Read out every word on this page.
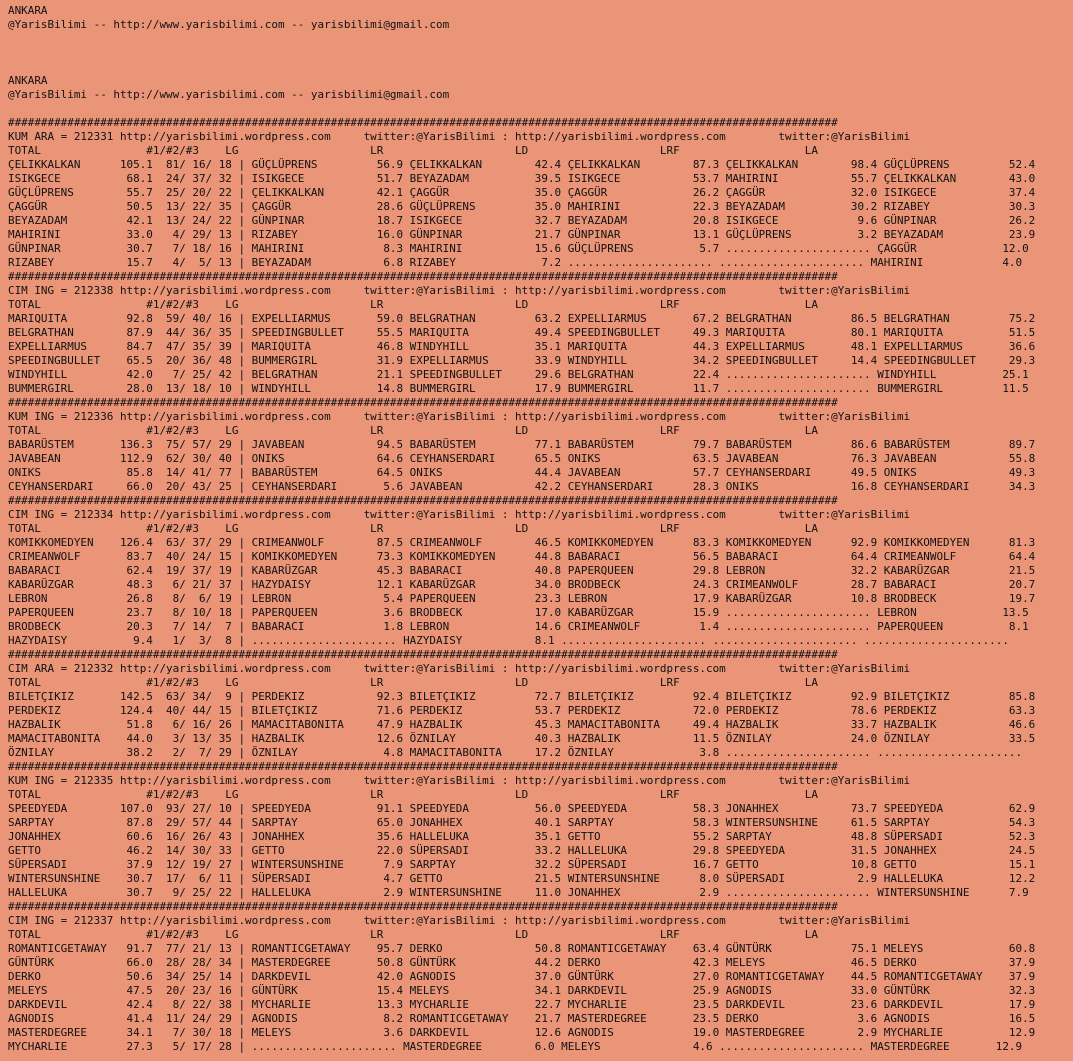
ANKARA
@YarisBilimi -- http://www.yarisbilimi.com -- yarisbilimi@gmail.com
ANKARA
@YarisBilimi -- http://www.yarisbilimi.com -- yarisbilimi@gmail.com
##############################################################################################################################
KUM ARA = 212331 http://yarisbilimi.wordpress.com     twitter:@YarisBilimi : http://yarisbilimi.wordpress.com        twitter:@YarisBilimi
TOTAL                #1/#2/#3    LG                    LR                    LD                    LRF                   LA
ÇELIKKALKAN      105.1  81/ 16/ 18 | GÜÇLÜPRENS         56.9 ÇELIKKALKAN        42.4 ÇELIKKALKAN        87.3 ÇELIKKALKAN        98.4 GÜÇLÜPRENS         52.4
ISIKGECE          68.1  24/ 37/ 32 | ISIKGECE           51.7 BEYAZADAM          39.5 ISIKGECE           53.7 MAHIRINI           55.7 ÇELIKKALKAN        43.0
GÜÇLÜPRENS        55.7  25/ 20/ 22 | ÇELIKKALKAN        42.1 ÇAGGÜR             35.0 ÇAGGÜR             26.2 ÇAGGÜR             32.0 ISIKGECE           37.4
ÇAGGÜR            50.5  13/ 22/ 35 | ÇAGGÜR             28.6 GÜÇLÜPRENS         35.0 MAHIRINI           22.3 BEYAZADAM          30.2 RIZABEY            30.3
BEYAZADAM         42.1  13/ 24/ 22 | GÜNPINAR           18.7 ISIKGECE           32.7 BEYAZADAM          20.8 ISIKGECE            9.6 GÜNPINAR           26.2
MAHIRINI          33.0   4/ 29/ 13 | RIZABEY            16.0 GÜNPINAR           21.7 GÜNPINAR           13.1 GÜÇLÜPRENS          3.2 BEYAZADAM          23.9
GÜNPINAR          30.7   7/ 18/ 16 | MAHIRINI            8.3 MAHIRINI           15.6 GÜÇLÜPRENS          5.7 ...................... ÇAGGÜR             12.0
RIZABEY           15.7   4/  5/ 13 | BEYAZADAM           6.8 RIZABEY             7.2 ...................... ...................... MAHIRINI            4.0
##############################################################################################################################
CIM ING = 212338 http://yarisbilimi.wordpress.com     twitter:@YarisBilimi : http://yarisbilimi.wordpress.com        twitter:@YarisBilimi
TOTAL                #1/#2/#3    LG                    LR                    LD                    LRF                   LA
MARIQUITA         92.8  59/ 40/ 16 | EXPELLIARMUS       59.0 BELGRATHAN         63.2 EXPELLIARMUS       67.2 BELGRATHAN         86.5 BELGRATHAN         75.2
BELGRATHAN        87.9  44/ 36/ 35 | SPEEDINGBULLET     55.5 MARIQUITA          49.4 SPEEDINGBULLET     49.3 MARIQUITA          80.1 MARIQUITA          51.5
EXPELLIARMUS      84.7  47/ 35/ 39 | MARIQUITA          46.8 WINDYHILL          35.1 MARIQUITA          44.3 EXPELLIARMUS       48.1 EXPELLIARMUS       36.6
SPEEDINGBULLET    65.5  20/ 36/ 48 | BUMMERGIRL         31.9 EXPELLIARMUS       33.9 WINDYHILL          34.2 SPEEDINGBULLET     14.4 SPEEDINGBULLET     29.3
WINDYHILL         42.0   7/ 25/ 42 | BELGRATHAN         21.1 SPEEDINGBULLET     29.6 BELGRATHAN         22.4 ...................... WINDYHILL          25.1
BUMMERGIRL        28.0  13/ 18/ 10 | WINDYHILL          14.8 BUMMERGIRL         17.9 BUMMERGIRL         11.7 ...................... BUMMERGIRL         11.5
##############################################################################################################################
KUM ING = 212336 http://yarisbilimi.wordpress.com     twitter:@YarisBilimi : http://yarisbilimi.wordpress.com        twitter:@YarisBilimi
TOTAL                #1/#2/#3    LG                    LR                    LD                    LRF                   LA
BABARÜSTEM       136.3  75/ 57/ 29 | JAVABEAN           94.5 BABARÜSTEM         77.1 BABARÜSTEM         79.7 BABARÜSTEM         86.6 BABARÜSTEM         89.7
JAVABEAN         112.9  62/ 30/ 40 | ONIKS              64.6 CEYHANSERDARI      65.5 ONIKS              63.5 JAVABEAN           76.3 JAVABEAN           55.8
ONIKS             85.8  14/ 41/ 77 | BABARÜSTEM         64.5 ONIKS              44.4 JAVABEAN           57.7 CEYHANSERDARI      49.5 ONIKS              49.3
CEYHANSERDARI     66.0  20/ 43/ 25 | CEYHANSERDARI       5.6 JAVABEAN           42.2 CEYHANSERDARI      28.3 ONIKS              16.8 CEYHANSERDARI      34.3
##############################################################################################################################
CIM ING = 212334 http://yarisbilimi.wordpress.com     twitter:@YarisBilimi : http://yarisbilimi.wordpress.com        twitter:@YarisBilimi
TOTAL                #1/#2/#3    LG                    LR                    LD                    LRF                   LA
KOMIKKOMEDYEN    126.4  63/ 37/ 29 | CRIMEANWOLF        87.5 CRIMEANWOLF        46.5 KOMIKKOMEDYEN      83.3 KOMIKKOMEDYEN      92.9 KOMIKKOMEDYEN      81.3
CRIMEANWOLF       83.7  40/ 24/ 15 | KOMIKKOMEDYEN      73.3 KOMIKKOMEDYEN      44.8 BABARACI           56.5 BABARACI           64.4 CRIMEANWOLF        64.4
BABARACI          62.4  19/ 37/ 19 | KABARÜZGAR         45.3 BABARACI           40.8 PAPERQUEEN         29.8 LEBRON             32.2 KABARÜZGAR         21.5
KABARÜZGAR        48.3   6/ 21/ 37 | HAZYDAISY          12.1 KABARÜZGAR         34.0 BRODBECK           24.3 CRIMEANWOLF        28.7 BABARACI           20.7
LEBRON            26.8   8/  6/ 19 | LEBRON              5.4 PAPERQUEEN         23.3 LEBRON             17.9 KABARÜZGAR         10.8 BRODBECK           19.7
PAPERQUEEN        23.7   8/ 10/ 18 | PAPERQUEEN          3.6 BRODBECK           17.0 KABARÜZGAR         15.9 ...................... LEBRON             13.5
BRODBECK          20.3   7/ 14/  7 | BABARACI            1.8 LEBRON             14.6 CRIMEANWOLF         1.4 ...................... PAPERQUEEN          8.1
HAZYDAISY          9.4   1/  3/  8 | ...................... HAZYDAISY           8.1 ...................... ...................... ......................
##############################################################################################################################
CIM ARA = 212332 http://yarisbilimi.wordpress.com     twitter:@YarisBilimi : http://yarisbilimi.wordpress.com        twitter:@YarisBilimi
TOTAL                #1/#2/#3    LG                    LR                    LD                    LRF                   LA
BILETÇIKIZ       142.5  63/ 34/  9 | PERDEKIZ           92.3 BILETÇIKIZ         72.7 BILETÇIKIZ         92.4 BILETÇIKIZ         92.9 BILETÇIKIZ         85.8
PERDEKIZ         124.4  40/ 44/ 15 | BILETÇIKIZ         71.6 PERDEKIZ           53.7 PERDEKIZ           72.0 PERDEKIZ           78.6 PERDEKIZ           63.3
HAZBALIK          51.8   6/ 16/ 26 | MAMACITABONITA     47.9 HAZBALIK           45.3 MAMACITABONITA     49.4 HAZBALIK           33.7 HAZBALIK           46.6
MAMACITABONITA    44.0   3/ 13/ 35 | HAZBALIK           12.6 ÖZNILAY            40.3 HAZBALIK           11.5 ÖZNILAY            24.0 ÖZNILAY            33.5
ÖZNILAY           38.2   2/  7/ 29 | ÖZNILAY             4.8 MAMACITABONITA     17.2 ÖZNILAY             3.8 ...................... ......................
##############################################################################################################################
KUM ING = 212335 http://yarisbilimi.wordpress.com     twitter:@YarisBilimi : http://yarisbilimi.wordpress.com        twitter:@YarisBilimi
TOTAL                #1/#2/#3    LG                    LR                    LD                    LRF                   LA
SPEEDYEDA        107.0  93/ 27/ 10 | SPEEDYEDA          91.1 SPEEDYEDA          56.0 SPEEDYEDA          58.3 JONAHHEX           73.7 SPEEDYEDA          62.9
SARPTAY           87.8  29/ 57/ 44 | SARPTAY            65.0 JONAHHEX           40.1 SARPTAY            58.3 WINTERSUNSHINE     61.5 SARPTAY            54.3
JONAHHEX          60.6  16/ 26/ 43 | JONAHHEX           35.6 HALLELUKA          35.1 GETTO              55.2 SARPTAY            48.8 SÜPERSADI          52.3
GETTO             46.2  14/ 30/ 33 | GETTO              22.0 SÜPERSADI          33.2 HALLELUKA          29.8 SPEEDYEDA          31.5 JONAHHEX           24.5
SÜPERSADI         37.9  12/ 19/ 27 | WINTERSUNSHINE      7.9 SARPTAY            32.2 SÜPERSADI          16.7 GETTO              10.8 GETTO              15.1
WINTERSUNSHINE    30.7  17/  6/ 11 | SÜPERSADI           4.7 GETTO              21.5 WINTERSUNSHINE      8.0 SÜPERSADI           2.9 HALLELUKA          12.2
HALLELUKA         30.7   9/ 25/ 22 | HALLELUKA           2.9 WINTERSUNSHINE     11.0 JONAHHEX            2.9 ...................... WINTERSUNSHINE      7.9
##############################################################################################################################
CIM ING = 212337 http://yarisbilimi.wordpress.com     twitter:@YarisBilimi : http://yarisbilimi.wordpress.com        twitter:@YarisBilimi
TOTAL                #1/#2/#3    LG                    LR                    LD                    LRF                   LA
ROMANTICGETAWAY   91.7  77/ 21/ 13 | ROMANTICGETAWAY    95.7 DERKO              50.8 ROMANTICGETAWAY    63.4 GÜNTÜRK            75.1 MELEYS             60.8
GÜNTÜRK           66.0  28/ 28/ 34 | MASTERDEGREE       50.8 GÜNTÜRK            44.2 DERKO              42.3 MELEYS             46.5 DERKO              37.9
DERKO             50.6  34/ 25/ 14 | DARKDEVIL          42.0 AGNODIS            37.0 GÜNTÜRK            27.0 ROMANTICGETAWAY    44.5 ROMANTICGETAWAY    37.9
MELEYS            47.5  20/ 23/ 16 | GÜNTÜRK            15.4 MELEYS             34.1 DARKDEVIL          25.9 AGNODIS            33.0 GÜNTÜRK            32.3
DARKDEVIL         42.4   8/ 22/ 38 | MYCHARLIE          13.3 MYCHARLIE          22.7 MYCHARLIE          23.5 DARKDEVIL          23.6 DARKDEVIL          17.9
AGNODIS           41.4  11/ 24/ 29 | AGNODIS             8.2 ROMANTICGETAWAY    21.7 MASTERDEGREE       23.5 DERKO               3.6 AGNODIS            16.5
MASTERDEGREE      34.1   7/ 30/ 18 | MELEYS              3.6 DARKDEVIL          12.6 AGNODIS            19.0 MASTERDEGREE        2.9 MYCHARLIE          12.9
MYCHARLIE         27.3   5/ 17/ 28 | ...................... MASTERDEGREE        6.0 MELEYS              4.6 ...................... MASTERDEGREE       12.9
